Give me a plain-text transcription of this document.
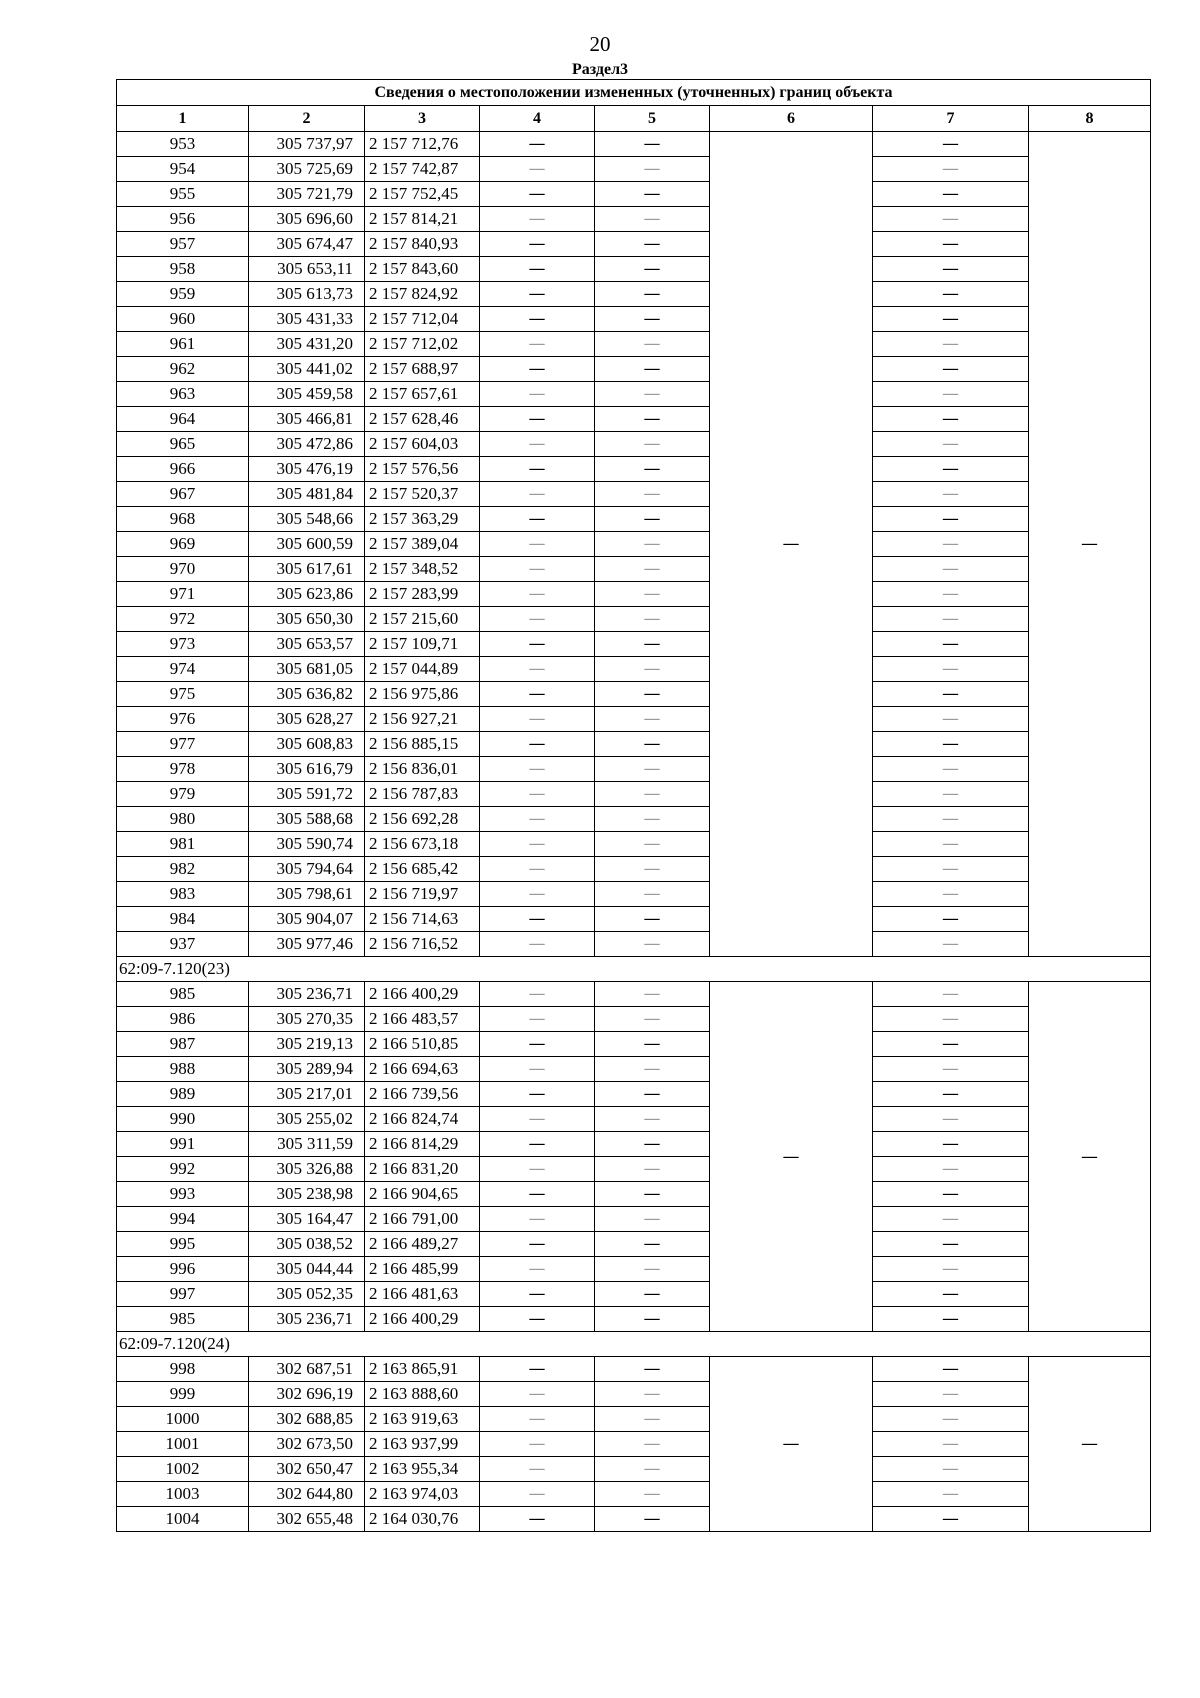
20
Раздел3
Сведения о местоположении измененных (уточненных) границ объекта							
1	2	3	4	5	6	7	8
953	305 737,97	2 157 712,76	—	—	—	—	—
954	305 725,69	2 157 742,87	—	—		—	
955	305 721,79	2 157 752,45	—	—		—	
956	305 696,60	2 157 814,21	—	—		—	
957	305 674,47	2 157 840,93	—	—		—	
958	305 653,11	2 157 843,60	—	—		—	
959	305 613,73	2 157 824,92	—	—		—	
960	305 431,33	2 157 712,04	—	—		—	
961	305 431,20	2 157 712,02	—	—		—	
962	305 441,02	2 157 688,97	—	—		—	
963	305 459,58	2 157 657,61	—	—		—	
964	305 466,81	2 157 628,46	—	—		—	
965	305 472,86	2 157 604,03	—	—		—	
966	305 476,19	2 157 576,56	—	—		—	
967	305 481,84	2 157 520,37	—	—		—	
968	305 548,66	2 157 363,29	—	—		—	
969	305 600,59	2 157 389,04	—	—		—	
970	305 617,61	2 157 348,52	—	—		—	
971	305 623,86	2 157 283,99	—	—		—	
972	305 650,30	2 157 215,60	—	—		—	
973	305 653,57	2 157 109,71	—	—		—	
974	305 681,05	2 157 044,89	—	—		—	
975	305 636,82	2 156 975,86	—	—		—	
976	305 628,27	2 156 927,21	—	—		—	
977	305 608,83	2 156 885,15	—	—		—	
978	305 616,79	2 156 836,01	—	—		—	
979	305 591,72	2 156 787,83	—	—		—	
980	305 588,68	2 156 692,28	—	—		—	
981	305 590,74	2 156 673,18	—	—		—	
982	305 794,64	2 156 685,42	—	—		—	
983	305 798,61	2 156 719,97	—	—		—	
984	305 904,07	2 156 714,63	—	—		—	
937	305 977,46	2 156 716,52	—	—		—	
62:09-7.120(23)							
985	305 236,71	2 166 400,29	—	—	—	—	—
986	305 270,35	2 166 483,57	—	—		—	
987	305 219,13	2 166 510,85	—	—		—	
988	305 289,94	2 166 694,63	—	—		—	
989	305 217,01	2 166 739,56	—	—		—	
990	305 255,02	2 166 824,74	—	—		—	
991	305 311,59	2 166 814,29	—	—		—	
992	305 326,88	2 166 831,20	—	—		—	
993	305 238,98	2 166 904,65	—	—		—	
994	305 164,47	2 166 791,00	—	—		—	
995	305 038,52	2 166 489,27	—	—		—	
996	305 044,44	2 166 485,99	—	—		—	
997	305 052,35	2 166 481,63	—	—		—	
985	305 236,71	2 166 400,29	—	—		—	
62:09-7.120(24)							
998	302 687,51	2 163 865,91	—	—	—	—	—
999	302 696,19	2 163 888,60	—	—		—	
1000	302 688,85	2 163 919,63	—	—		—	
1001	302 673,50	2 163 937,99	—	—		—	
1002	302 650,47	2 163 955,34	—	—		—	
1003	302 644,80	2 163 974,03	—	—		—	
1004	302 655,48	2 164 030,76	—	—		—	
